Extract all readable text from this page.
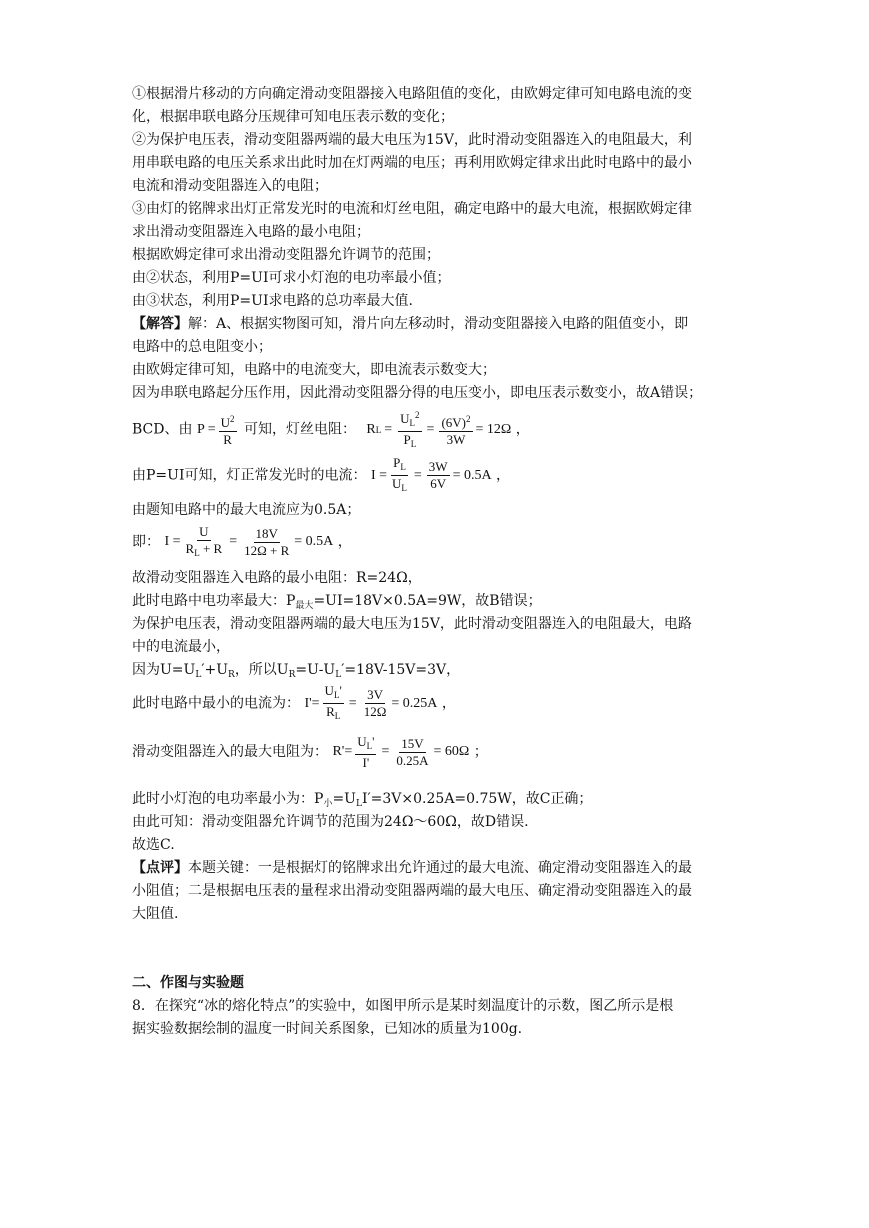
①根据滑片移动的方向确定滑动变阻器接入电路阻值的变化，由欧姆定律可知电路电流的变
化，根据串联电路分压规律可知电压表示数的变化；
②为保护电压表，滑动变阻器两端的最大电压为15V，此时滑动变阻器连入的电阻最大，利
用串联电路的电压关系求出此时加在灯两端的电压；再利用欧姆定律求出此时电路中的最小
电流和滑动变阻器连入的电阻；
③由灯的铭牌求出灯正常发光时的电流和灯丝电阻，确定电路中的最大电流，根据欧姆定律
求出滑动变阻器连入电路的最小电阻；
根据欧姆定律可求出滑动变阻器允许调节的范围；
由②状态，利用P=UI可求小灯泡的电功率最小值；
由③状态，利用P=UI求电路的总功率最大值.
【解答】解：A、根据实物图可知，滑片向左移动时，滑动变阻器接入电路的阻值变小，即
电路中的总电阻变小；
由欧姆定律可知，电路中的电流变大，即电流表示数变大；
因为串联电路起分压作用，因此滑动变阻器分得的电压变小，即电压表示数变小，故A错误；
BCD、由 $P = \frac{U^2}{R}$ 可知，灯丝电阻： R $L = \frac{U_L^2}{P_L} = \frac{(6V)^2}{3W} = 12\Omega$ ，
由P=UI可知，灯正常发光时的电流： $I = \frac{P_L}{U_L} = \frac{3W}{6V} = 0.5A$ ，
由题知电路中的最大电流应为0.5A；
即： $I = \frac{U}{R_L + R} = \frac{18V}{12\Omega + R} = 0.5A$ ，
故滑动变阻器连入电路的最小电阻：R=24Ω，
此时电路中电功率最大：$P_{最大}=UI=18V\times 0.5A=9W$，故B错误；
为保护电压表，滑动变阻器两端的最大电压为15V，此时滑动变阻器连入的电阻最大，电路
中的电流最小，
因为$U=U_L'+U_R$，所以$U_R=U-U_L'=18V-15V=3V$，
此时电路中最小的电流为： $I'= \frac{U_L'}{R_L} = \frac{3V}{12\Omega} = 0.25A$ ，
滑动变阻器连入的最大电阻为： $R'= \frac{U_L'}{I'} = \frac{15V}{0.25A} = 60\Omega$ ；
此时小灯泡的电功率最小为：$P_小=U_LI'=3V\times 0.25A=0.75W$，故C正确；
由此可知：滑动变阻器允许调节的范围为24Ω～60Ω，故D错误.
故选C.
【点评】本题关键：一是根据灯的铭牌求出允许通过的最大电流、确定滑动变阻器连入的最
小阻值；二是根据电压表的量程求出滑动变阻器两端的最大电压、确定滑动变阻器连入的最
大阻值.
二、作图与实验题
8．在探究“冰的熔化特点”的实验中，如图甲所示是某时刻温度计的示数，图乙所示是根
据实验数据绘制的温度一时间关系图象，已知冰的质量为100g.
